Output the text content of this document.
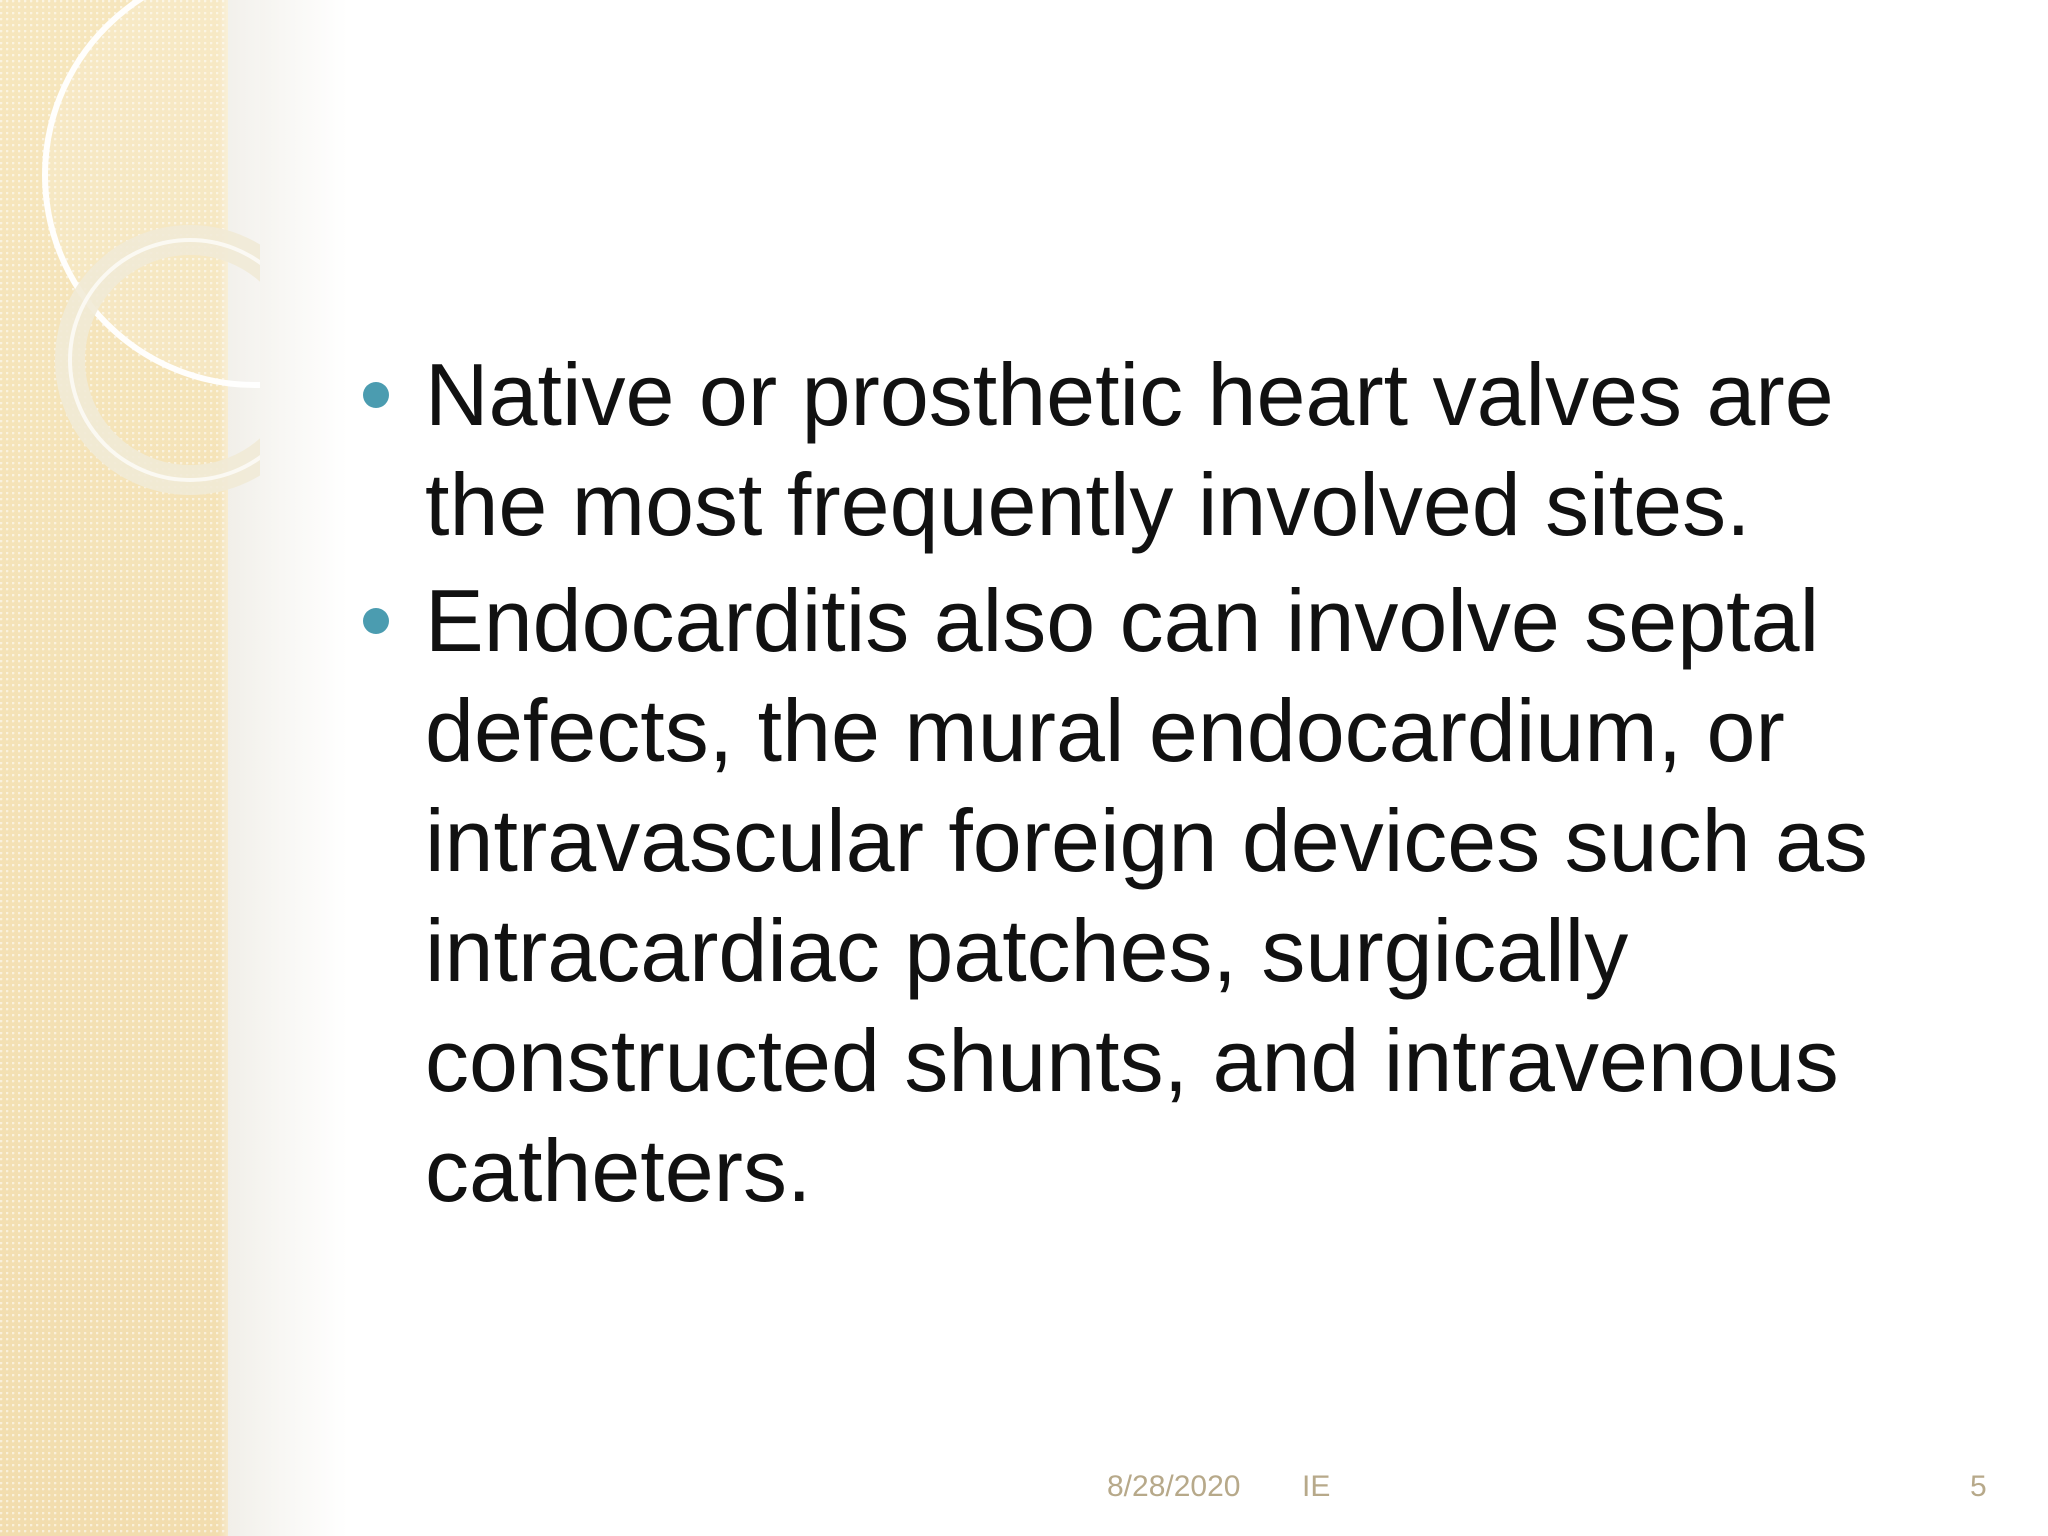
Native or prosthetic heart valves are the most frequently involved sites.
Endocarditis also can involve septal defects, the mural endocardium, or intravascular foreign devices such as intracardiac patches, surgically constructed shunts, and intravenous catheters.
8/28/2020 IE	5
